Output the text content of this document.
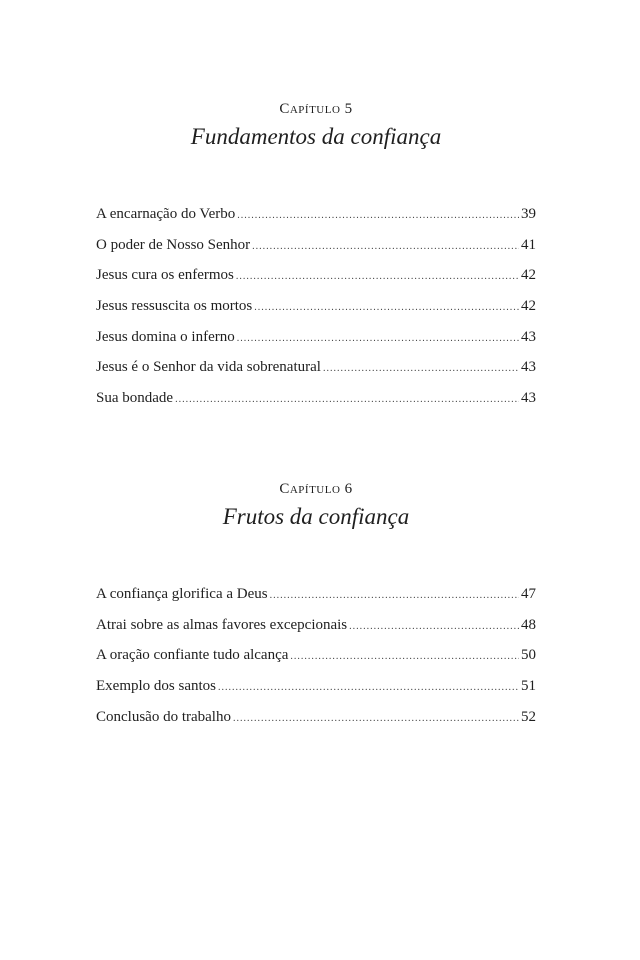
Capítulo 5
Fundamentos da confiança
A encarnação do Verbo .....	39
O poder de Nosso Senhor .....	41
Jesus cura os enfermos .....	42
Jesus ressuscita os mortos .....	42
Jesus domina o inferno .....	43
Jesus é o Senhor da vida sobrenatural .....	43
Sua bondade .....	43
Capítulo 6
Frutos da confiança
A confiança glorifica a Deus .....	47
Atrai sobre as almas favores excepcionais .....	48
A oração confiante tudo alcança .....	50
Exemplo dos santos .....	51
Conclusão do trabalho .....	52
